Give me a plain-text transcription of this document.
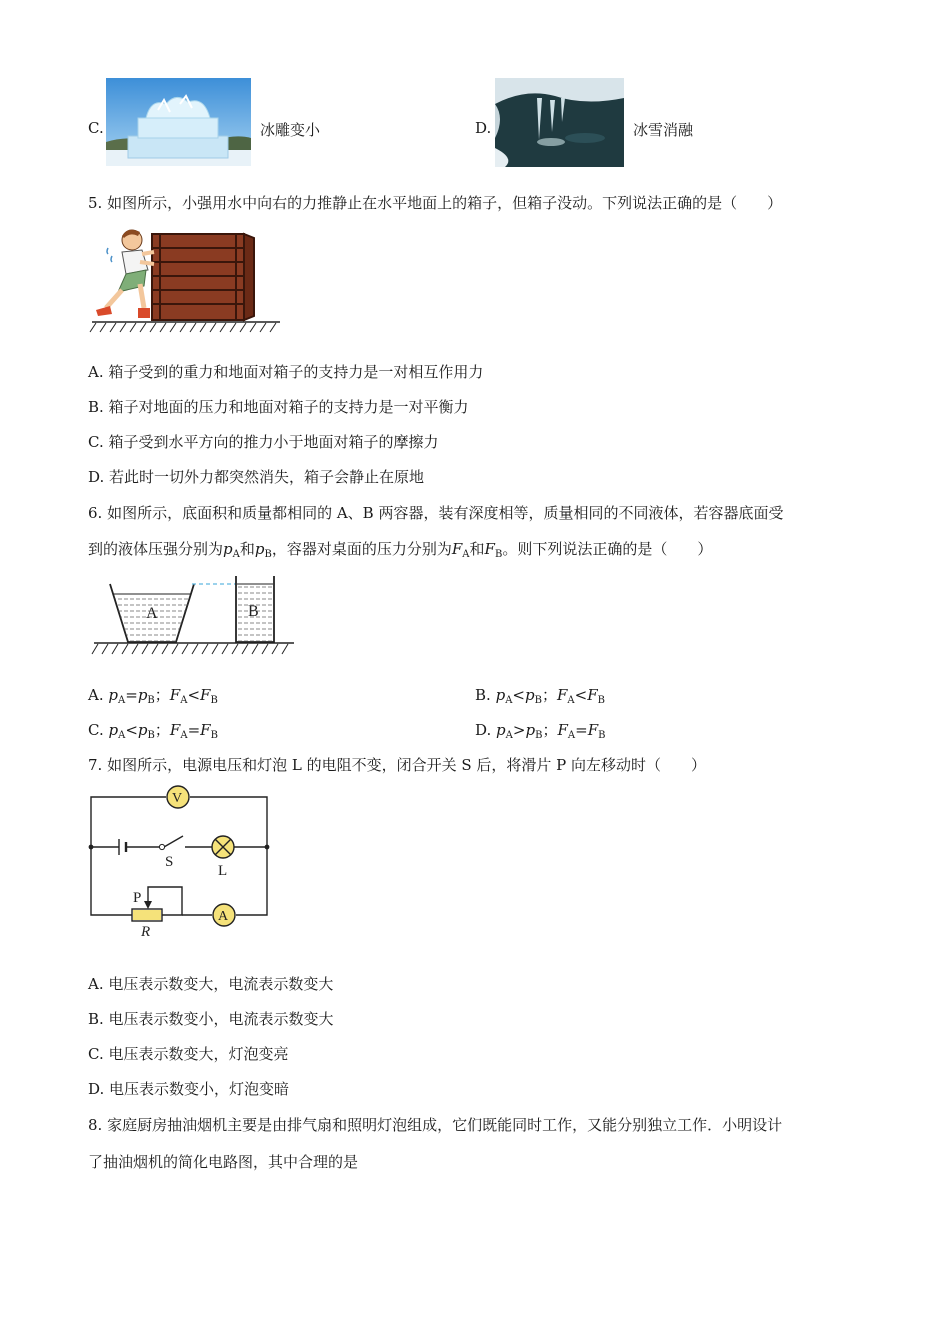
C.	冰雕变小	D.	冰雪消融
5. 如图所示，小强用水中向右的力推静止在水平地面上的箱子，但箱子没动。下列说法正确的是（　　）
A. 箱子受到的重力和地面对箱子的支持力是一对相互作用力
B. 箱子对地面的压力和地面对箱子的支持力是一对平衡力
C. 箱子受到水平方向的推力小于地面对箱子的摩擦力
D. 若此时一切外力都突然消失，箱子会静止在原地
6. 如图所示，底面积和质量都相同的 A、B 两容器，装有深度相等，质量相同的不同液体，若容器底面受
到的液体压强分别为$p_A$和$p_B$，容器对桌面的压力分别为$F_A$和$F_B$。则下列说法正确的是（　　）
A	B
A. $p_A=p_B$；$F_A<F_B$	B. $p_A<p_B$；$F_A<F_B$
C. $p_A<p_B$；$F_A=F_B$	D. $p_A>p_B$；$F_A=F_B$
7. 如图所示，电源电压和灯泡 L 的电阻不变，闭合开关 S 后，将滑片 P 向左移动时（　　）
V
A
S
L
P
R
A. 电压表示数变大，电流表示数变大
B. 电压表示数变小，电流表示数变大
C. 电压表示数变大，灯泡变亮
D. 电压表示数变小，灯泡变暗
8. 家庭厨房抽油烟机主要是由排气扇和照明灯泡组成，它们既能同时工作，又能分别独立工作．小明设计
了抽油烟机的简化电路图，其中合理的是
